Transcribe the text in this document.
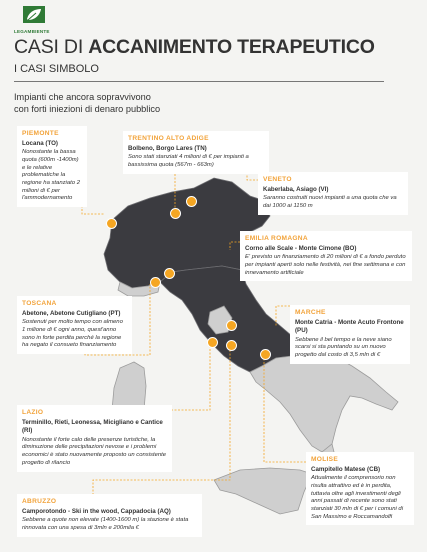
LEGAMBIENTE
CASI DI ACCANIMENTO TERAPEUTICO
I CASI SIMBOLO
Impianti che ancora sopravvivono
con forti iniezioni di denaro pubblico
PIEMONTE
Locana (TO)
Nonostante la bassa quota (600m -1400m) e le relative problematiche la regione ha stanziato 2 milioni di € per l'ammodernamento
TRENTINO ALTO ADIGE
Bolbeno, Borgo Lares (TN)
Sono stati stanziati 4 milioni di € per impianti a bassissima quota (567m - 663m)
VENETO
Kaberlaba, Asiago (VI)
Saranno costruiti nuovi impianti a una quota che va dai 1000 ai 1150 m
EMILIA ROMAGNA
Corno alle Scale - Monte Cimone (BO)
E' previsto un finanziamento di 20 milioni di € a fondo perduto per impianti aperti solo nelle festività, nei fine settimana e con innevamento artificiale
TOSCANA
Abetone, Abetone Cutigliano (PT)
Sostenuti per molto tempo con almeno 1 milione di € ogni anno, quest'anno sono in forte perdita perché la regione ha negato il consueto finanziamento
MARCHE
Monte Catria - Monte Acuto Frontone (PU)
Sebbene il bel tempo e la neve siano scarsi si sta puntando su un nuovo progetto dal costo di 3,5 mln di €
LAZIO
Terminillo, Rieti, Leonessa, Micigliano e Cantice (RI)
Nonostante il forte calo delle presenze turistiche, la diminuzione delle precipitazioni nevose e i problemi economici è stato nuovamente proposto un consistente progetto di rilancio	MOLISE
Campitello Matese (CB)
Attualmente il comprensorio non risulta attrattivo ed è in perdita, tuttavia oltre agli investimenti degli anni passati di recente sono stati stanziati 30 mln di € per i comuni di San Massimo e Roccamandolfi
ABRUZZO
Camporotondo - Ski in the wood, Cappadocia (AQ)
Sebbene a quote non elevate (1400-1600 m) la stazione è stata rinnovata con una spesa di 3mln e 200mila €
